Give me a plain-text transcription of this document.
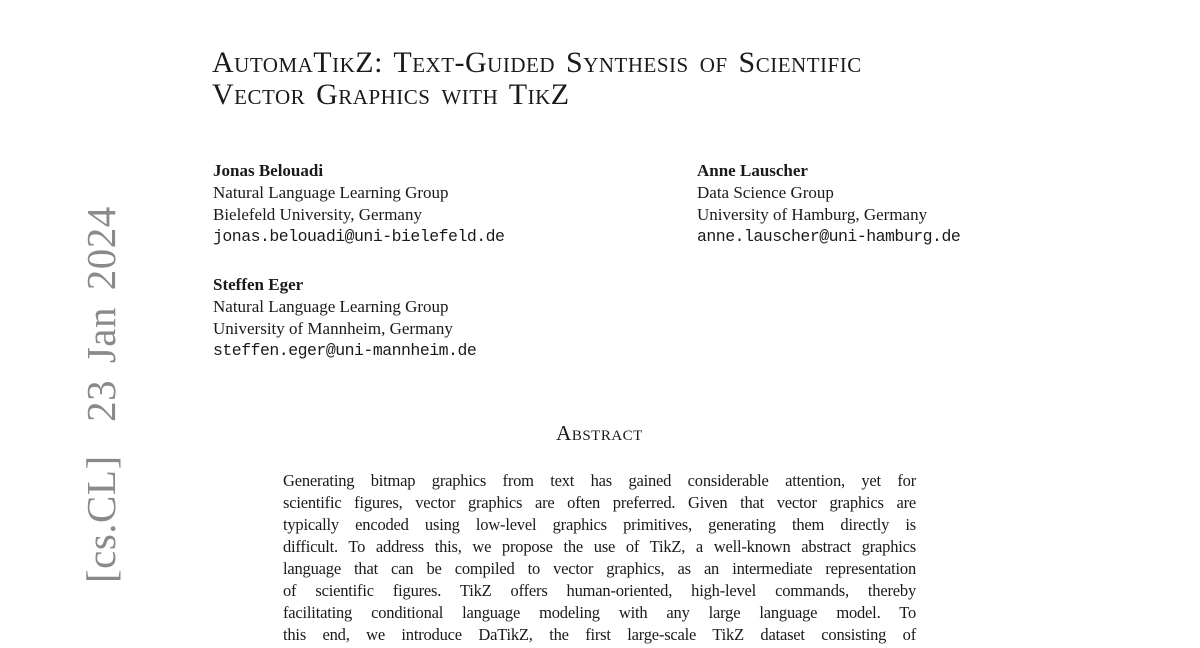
[cs.CL]  23 Jan 2024

AutomaTikZ: Text-Guided Synthesis of Scientific
Vector Graphics with TikZ
Jonas Belouadi
Natural Language Learning Group
Bielefeld University, Germany
jonas.belouadi@uni-bielefeld.de
Anne Lauscher
Data Science Group
University of Hamburg, Germany
anne.lauscher@uni-hamburg.de
Steffen Eger
Natural Language Learning Group
University of Mannheim, Germany
steffen.eger@uni-mannheim.de
Abstract
Generating bitmap graphics from text has gained considerable attention, yet for
scientific figures, vector graphics are often preferred. Given that vector graphics are
typically encoded using low-level graphics primitives, generating them directly is
difficult. To address this, we propose the use of TikZ, a well-known abstract graphics
language that can be compiled to vector graphics, as an intermediate representation
of scientific figures. TikZ offers human-oriented, high-level commands, thereby
facilitating conditional language modeling with any large language model. To
this end, we introduce DaTikZ, the first large-scale TikZ dataset consisting of
